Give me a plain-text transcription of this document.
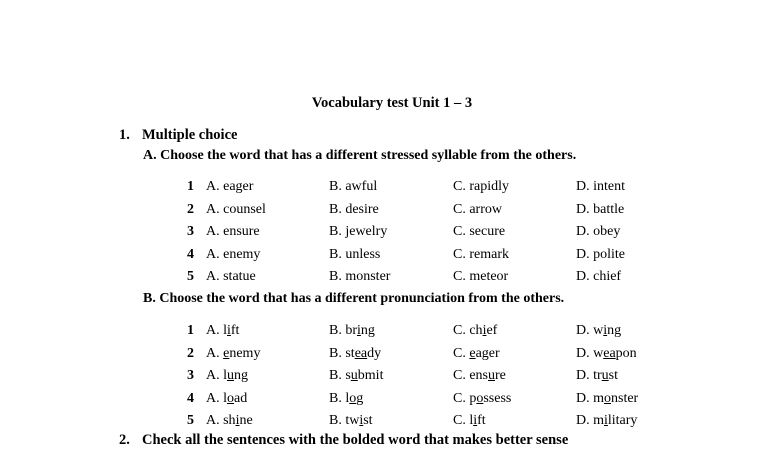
Vocabulary test Unit 1 – 3
1. Multiple choice
A. Choose the word that has a different stressed syllable from the others.
1 A. eager	B. awful	C. rapidly	D. intent
2 A. counsel	B. desire	C. arrow	D. battle
3 A. ensure	B. jewelry	C. secure	D. obey
4 A. enemy	B. unless	C. remark	D. polite
5 A. statue	B. monster	C. meteor	D. chief
B. Choose the word that has a different pronunciation from the others.
1 A. lift	B. bring	C. chief	D. wing
2 A. enemy	B. steady	C. eager	D. weapon
3 A. lung	B. submit	C. ensure	D. trust
4 A. load	B. log	C. possess	D. monster
5 A. shine	B. twist	C. lift	D. military
2. Check all the sentences with the bolded word that makes better sense
